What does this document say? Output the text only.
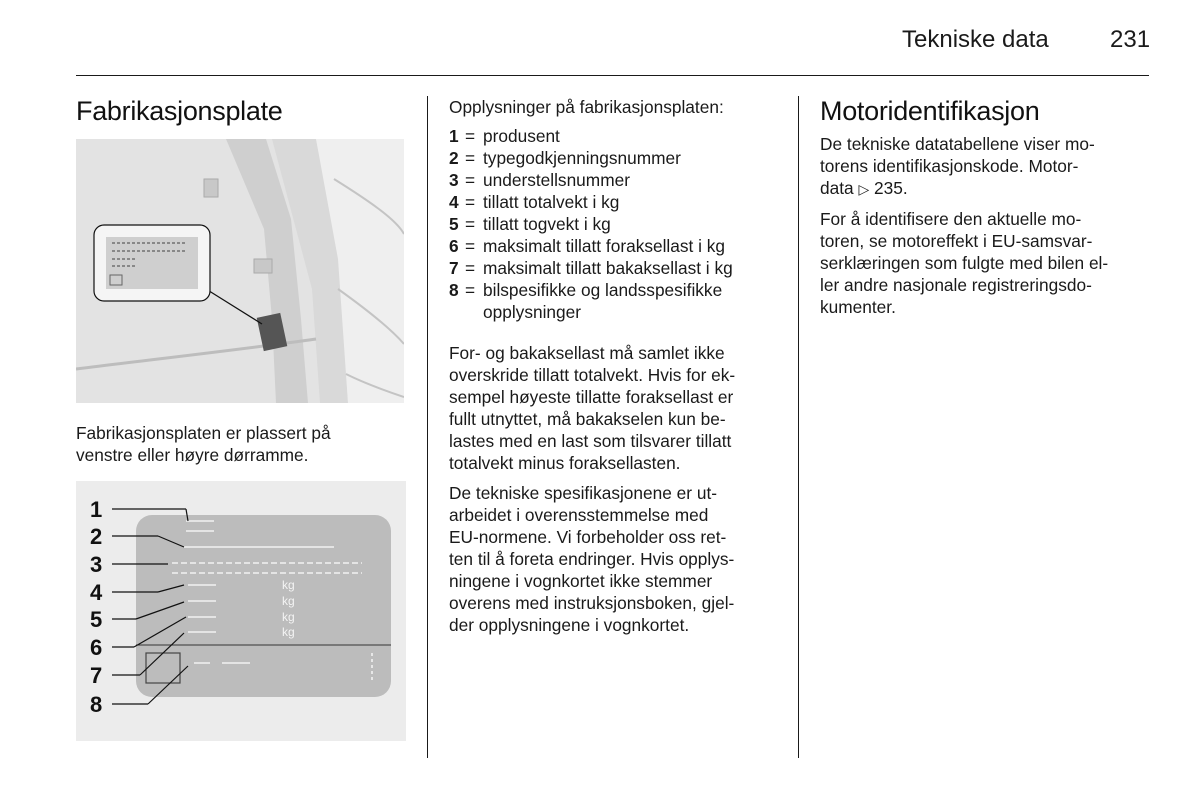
Tekniske data	231
Fabrikasjonsplate
Fabrikasjonsplaten er plassert på
venstre eller høyre dørramme.
1
2
3
4
5
6
7
8
kg
kg
kg
kg
Opplysninger på fabrikasjonsplaten:
1 = produsent
2 = typegodkjenningsnummer
3 = understellsnummer
4 = tillatt totalvekt i kg
5 = tillatt togvekt i kg
6 = maksimalt tillatt foraksellast i kg
7 = maksimalt tillatt bakaksellast i kg
8 = bilspesifikke og landsspesifikke
opplysninger
For- og bakaksellast må samlet ikke
overskride tillatt totalvekt. Hvis for ek-
sempel høyeste tillatte foraksellast er
fullt utnyttet, må bakakselen kun be-
lastes med en last som tilsvarer tillatt
totalvekt minus foraksellasten.
De tekniske spesifikasjonene er ut-
arbeidet i overensstemmelse med
EU-normene. Vi forbeholder oss ret-
ten til å foreta endringer. Hvis opplys-
ningene i vognkortet ikke stemmer
overens med instruksjonsboken, gjel-
der opplysningene i vognkortet.
Motoridentifikasjon
De tekniske datatabellene viser mo-
torens identifikasjonskode. Motor-
data ▷ 235.
For å identifisere den aktuelle mo-
toren, se motoreffekt i EU-samsvar-
serklæringen som fulgte med bilen el-
ler andre nasjonale registreringsdo-
kumenter.
